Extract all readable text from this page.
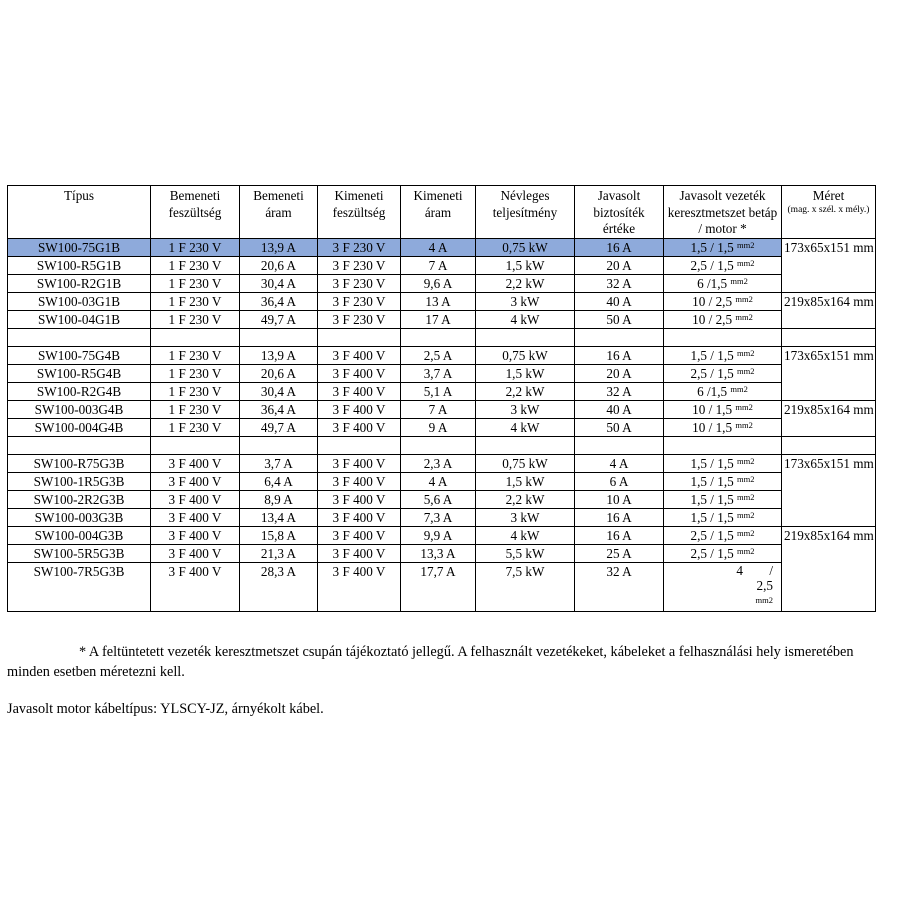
Típus	Bemeneti feszültség	Bemeneti áram	Kimeneti feszültség	Kimeneti áram	Névleges teljesítmény	Javasolt biztosíték értéke	Javasolt vezeték keresztmetszet betáp / motor *	Méret
(mag. x szél. x mély.)

SW100-75G1B	1 F 230 V	13,9 A	3 F 230 V	4 A	0,75 kW	16 A	1,5 / 1,5 $^{mm2}$	173x65x151 mm
SW100-R5G1B	1 F 230 V	20,6 A	3 F 230 V	7 A	1,5 kW	20 A	2,5 / 1,5 $^{mm2}$
SW100-R2G1B	1 F 230 V	30,4 A	3 F 230 V	9,6 A	2,2 kW	32 A	6 /1,5 $^{mm2}$
SW100-03G1B	1 F 230 V	36,4 A	3 F 230 V	13 A	3 kW	40 A	10 / 2,5 $^{mm2}$	219x85x164 mm
SW100-04G1B	1 F 230 V	49,7 A	3 F 230 V	17 A	4 kW	50 A	10 / 2,5 $^{mm2}$

SW100-75G4B	1 F 230 V	13,9 A	3 F 400 V	2,5 A	0,75 kW	16 A	1,5 / 1,5 $^{mm2}$	173x65x151 mm
SW100-R5G4B	1 F 230 V	20,6 A	3 F 400 V	3,7 A	1,5 kW	20 A	2,5 / 1,5 $^{mm2}$
SW100-R2G4B	1 F 230 V	30,4 A	3 F 400 V	5,1 A	2,2 kW	32 A	6 /1,5 $^{mm2}$
SW100-003G4B	1 F 230 V	36,4 A	3 F 400 V	7 A	3 kW	40 A	10 / 1,5 $^{mm2}$	219x85x164 mm
SW100-004G4B	1 F 230 V	49,7 A	3 F 400 V	9 A	4 kW	50 A	10 / 1,5 $^{mm2}$

SW100-R75G3B	3 F 400 V	3,7 A	3 F 400 V	2,3 A	0,75 kW	4 A	1,5 / 1,5 $^{mm2}$	173x65x151 mm
SW100-1R5G3B	3 F 400 V	6,4 A	3 F 400 V	4 A	1,5 kW	6 A	1,5 / 1,5 $^{mm2}$
SW100-2R2G3B	3 F 400 V	8,9 A	3 F 400 V	5,6 A	2,2 kW	10 A	1,5 / 1,5 $^{mm2}$
SW100-003G3B	3 F 400 V	13,4 A	3 F 400 V	7,3 A	3 kW	16 A	1,5 / 1,5 $^{mm2}$
SW100-004G3B	3 F 400 V	15,8 A	3 F 400 V	9,9 A	4 kW	16 A	2,5 / 1,5 $^{mm2}$	219x85x164 mm
SW100-5R5G3B	3 F 400 V	21,3 A	3 F 400 V	13,3 A	5,5 kW	25 A	2,5 / 1,5 $^{mm2}$
SW100-7R5G3B	3 F 400 V	28,3 A	3 F 400 V	17,7 A	7,5 kW	32 A	4 /
2,5
mm2	
* A feltüntetett vezeték keresztmetszet csupán tájékoztató jellegű. A felhasznált vezetékeket, kábeleket a felhasználási hely ismeretében minden esetben méretezni kell.
Javasolt motor kábeltípus: YLSCY-JZ, árnyékolt kábel.
